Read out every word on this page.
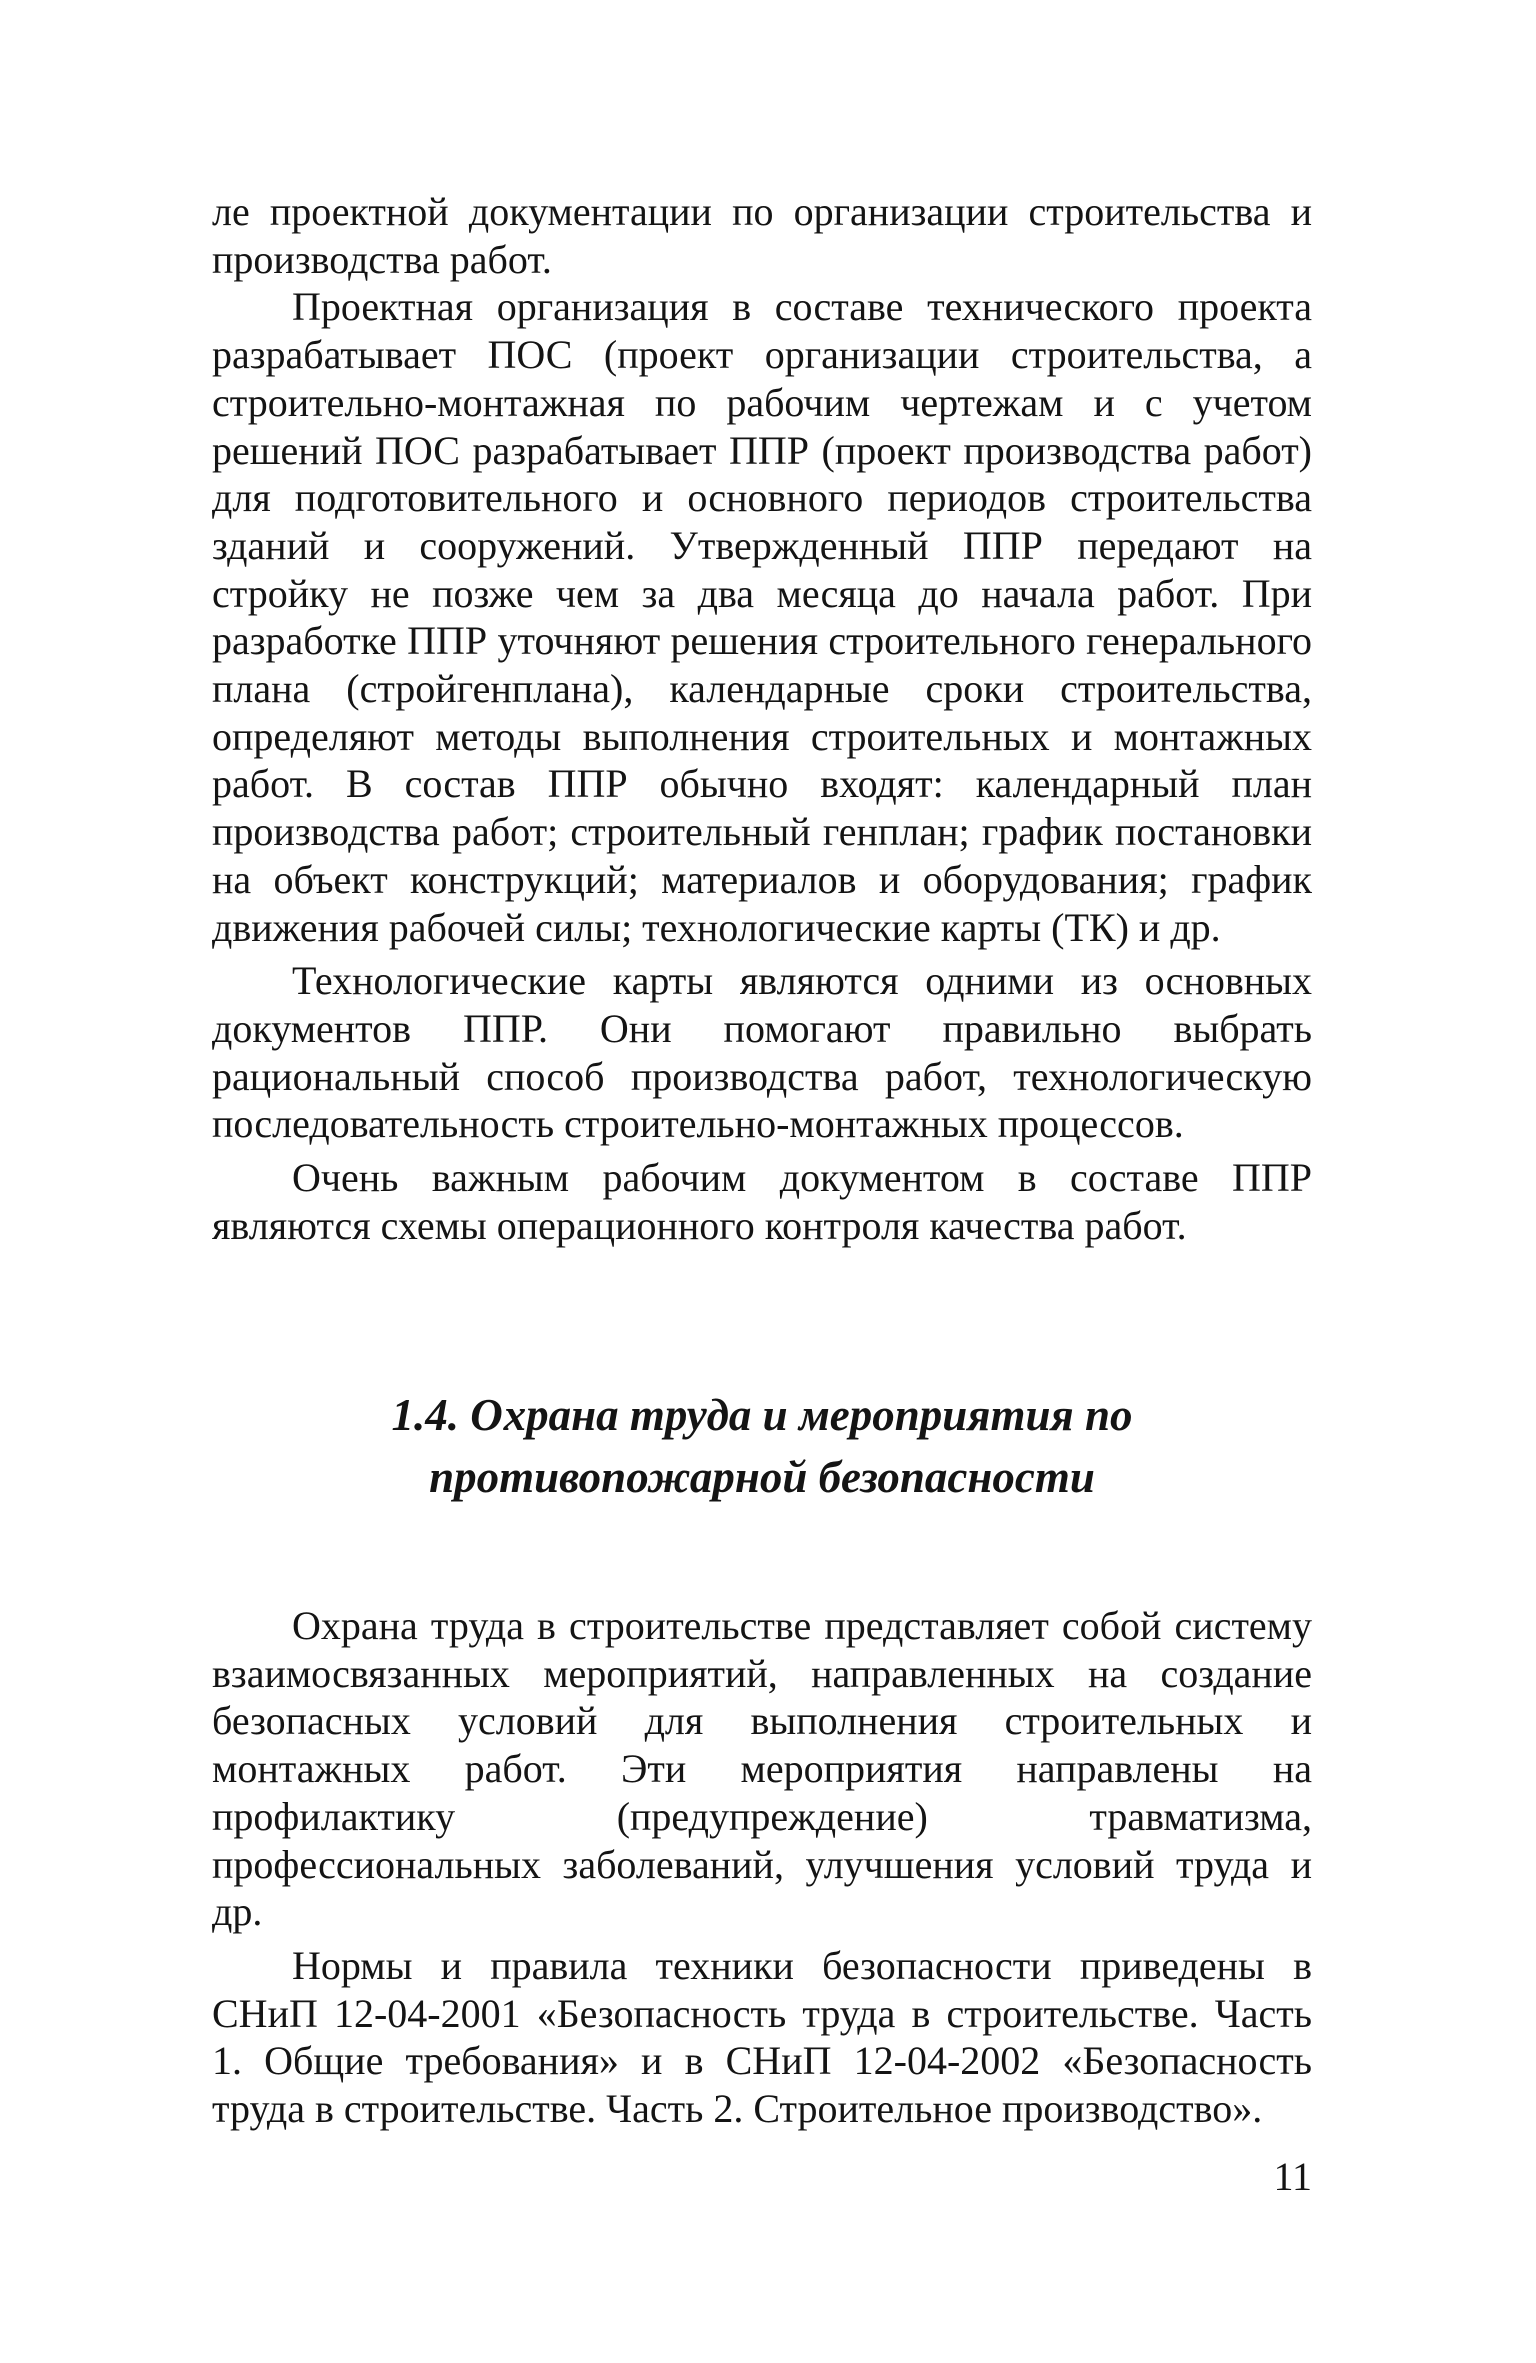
ле проектной документации по организации строительства и производства работ.

Проектная организация в составе технического проекта разрабатывает ПОС (проект организации строительства, а строительно-монтажная по рабочим чертежам и с учетом решений ПОС разрабатывает ППР (проект производства работ) для подготовительного и основного периодов строительства зданий и сооружений. Утвержденный ППР передают на стройку не позже чем за два месяца до начала работ. При разработке ППР уточняют решения строительного генерального плана (стройгенплана), календарные сроки строительства, определяют методы выполнения строительных и монтажных работ. В состав ППР обычно входят: календарный план производства работ; строительный генплан; график постановки на объект конструкций; материалов и оборудования; график движения рабочей силы; технологические карты (ТК) и др.

Технологические карты являются одними из основных документов ППР. Они помогают правильно выбрать рациональный способ производства работ, технологическую последовательность строительно-монтажных процессов.

Очень важным рабочим документом в составе ППР являются схемы операционного контроля качества работ.

1.4. Охрана труда и мероприятия по
противопожарной безопасности

Охрана труда в строительстве представляет собой систему взаимосвязанных мероприятий, направленных на создание безопасных условий для выполнения строительных и монтажных работ. Эти мероприятия направлены на профилактику (предупреждение) травматизма, профессиональных заболеваний, улучшения условий труда и др.

Нормы и правила техники безопасности приведены в СНиП 12-04-2001 «Безопасность труда в строительстве. Часть 1. Общие требования» и в СНиП 12-04-2002 «Безопасность труда в строительстве. Часть 2. Строительное производство».

11
